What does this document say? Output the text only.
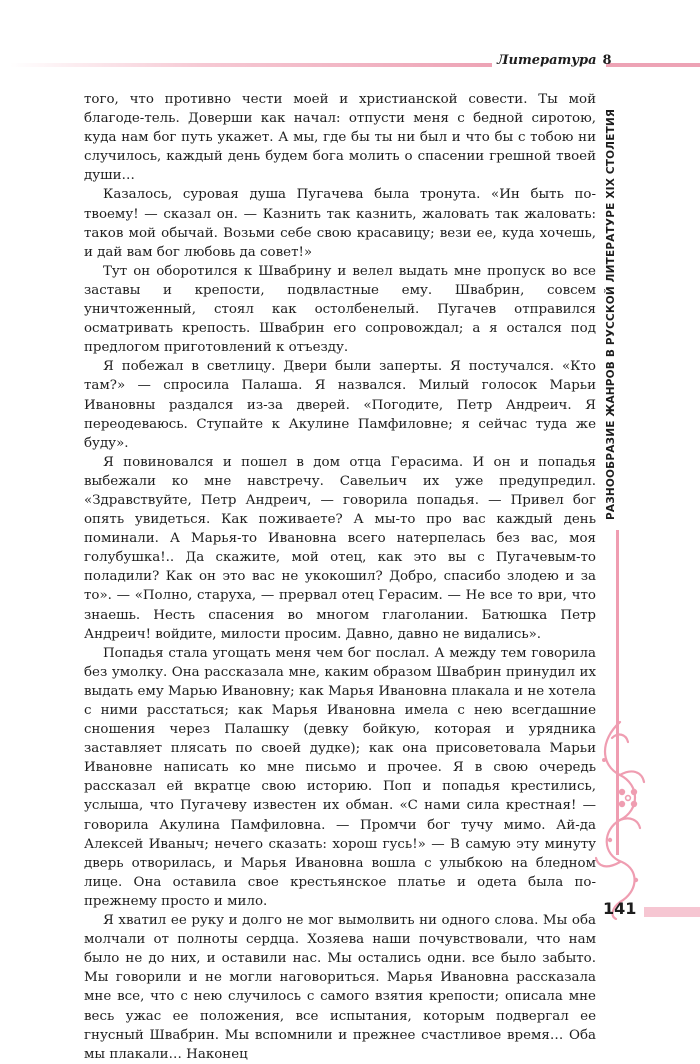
Литература 8

того, что противно чести моей и христианской совести. Ты мой благоде-тель. Доверши как начал: отпусти меня с бедной сиротою, куда нам бог путь укажет. А мы, где бы ты ни был и что бы с тобою ни случилось, каждый день будем бога молить о спасении грешной твоей души…

Казалось, суровая душа Пугачева была тронута. «Ин быть по-твоему! — сказал он. — Казнить так казнить, жаловать так жаловать: таков мой обычай. Возьми себе свою красавицу; вези ее, куда хочешь, и дай вам бог любовь да совет!»

Тут он оборотился к Швабрину и велел выдать мне пропуск во все заставы и крепости, подвластные ему. Швабрин, совсем уничтоженный, стоял как остолбенелый. Пугачев отправился осматривать крепость. Швабрин его сопровождал; а я остался под предлогом приготовлений к отъезду.

Я побежал в светлицу. Двери были заперты. Я постучался. «Кто там?» — спросила Палаша. Я назвался. Милый голосок Марьи Ивановны раздался из-за дверей. «Погодите, Петр Андреич. Я переодеваюсь. Ступайте к Акулине Памфиловне; я сейчас туда же буду».

Я повиновался и пошел в дом отца Герасима. И он и попадья выбежали ко мне навстречу. Савельич их уже предупредил. «Здравствуйте, Петр Андреич, — говорила попадья. — Привел бог опять увидеться. Как поживаете? А мы-то про вас каждый день поминали. А Марья-то Ивановна всего натерпелась без вас, моя голубушка!.. Да скажите, мой отец, как это вы с Пугачевым-то поладили? Как он это вас не укокошил? Добро, спасибо злодею и за то». — «Полно, старуха, — прервал отец Герасим. — Не все то ври, что знаешь. Несть спасения во многом глаголании. Батюшка Петр Андреич! войдите, милости просим. Давно, давно не видались».

Попадья стала угощать меня чем бог послал. А между тем говорила без умолку. Она рассказала мне, каким образом Швабрин принудил их выдать ему Марью Ивановну; как Марья Ивановна плакала и не хотела с ними расстаться; как Марья Ивановна имела с нею всегдашние сношения через Палашку (девку бойкую, которая и урядника заставляет плясать по своей дудке); как она присоветовала Марьи Ивановне написать ко мне письмо и прочее. Я в свою очередь рассказал ей вкратце свою историю. Поп и попадья крестились, услыша, что Пугачеву известен их обман. «С нами сила крестная! — говорила Акулина Памфиловна. — Промчи бог тучу мимо. Ай-да Алексей Иваныч; нечего сказать: хорош гусь!» — В самую эту минуту дверь отворилась, и Марья Ивановна вошла с улыбкою на бледном лице. Она оставила свое крестьянское платье и одета была по-прежнему просто и мило.

Я хватил ее руку и долго не мог вымолвить ни одного слова. Мы оба молчали от полноты сердца. Хозяева наши почувствовали, что нам было не до них, и оставили нас. Мы остались одни. все было забыто. Мы говорили и не могли наговориться. Марья Ивановна рассказала мне все, что с нею случилось с самого взятия крепости; описала мне весь ужас ее положения, все испытания, которым подвергал ее гнусный Швабрин. Мы вспомнили и прежнее счастливое время… Оба мы плакали… Наконец

РАЗНООБРАЗИЕ ЖАНРОВ В РУССКОЙ ЛИТЕРАТУРЕ XIX СТОЛЕТИЯ
141
